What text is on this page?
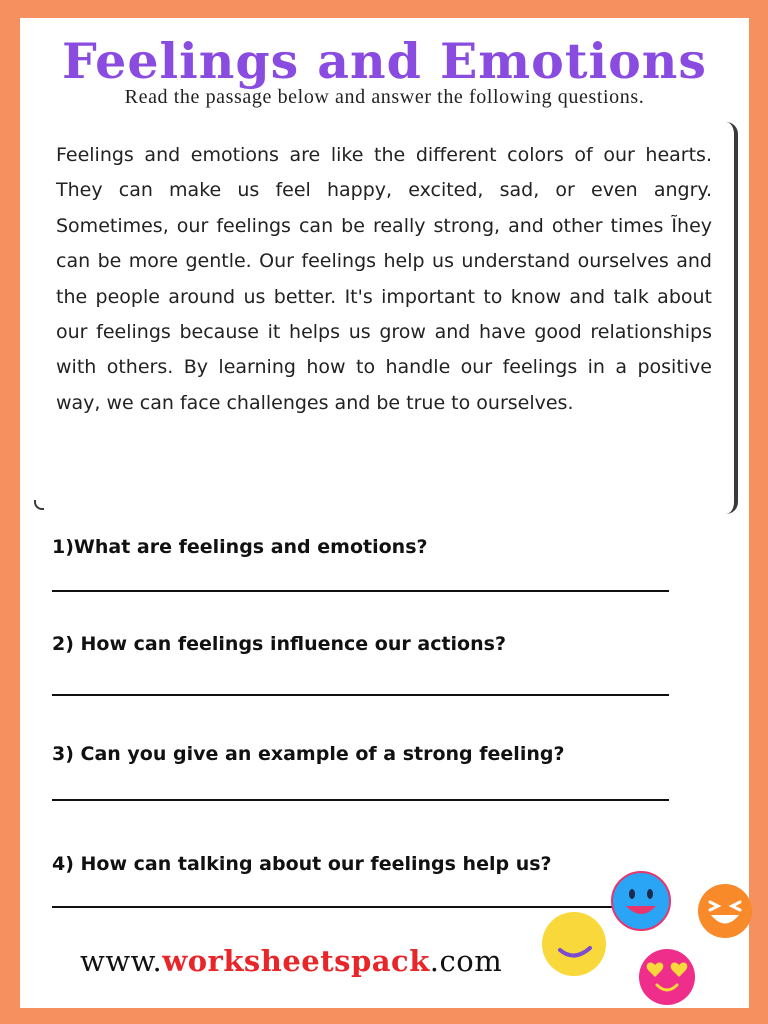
Feelings and Emotions

Read the passage below and answer the following questions.

Feelings and emotions are like the different colors of our hearts. They can make us feel happy, excited, sad, or even angry. Sometimes, our feelings can be really strong, and other times Ĩhey can be more gentle. Our feelings help us understand ourselves and the people around us better. It's important to know and talk about our feelings because it helps us grow and have good relationships with others. By learning how to handle our feelings in a positive way, we can face challenges and be true to ourselves.

1)What are feelings and emotions?

2) How can feelings influence our actions?

3) Can you give an example of a strong feeling?

4) How can talking about our feelings help us?

www.worksheetspack.com
